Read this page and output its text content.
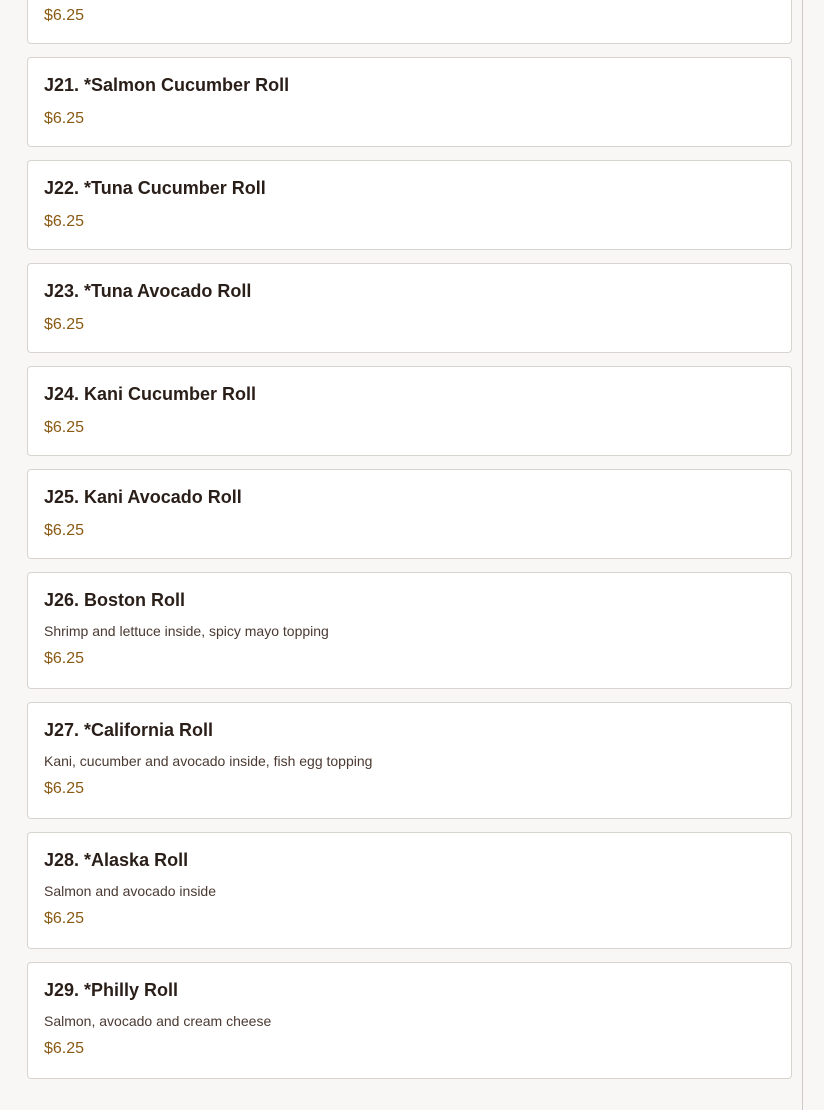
$6.25
J21. *Salmon Cucumber Roll
$6.25
J22. *Tuna Cucumber Roll
$6.25
J23. *Tuna Avocado Roll
$6.25
J24. Kani Cucumber Roll
$6.25
J25. Kani Avocado Roll
$6.25
J26. Boston Roll
Shrimp and lettuce inside, spicy mayo topping
$6.25
J27. *California Roll
Kani, cucumber and avocado inside, fish egg topping
$6.25
J28. *Alaska Roll
Salmon and avocado inside
$6.25
J29. *Philly Roll
Salmon, avocado and cream cheese
$6.25
